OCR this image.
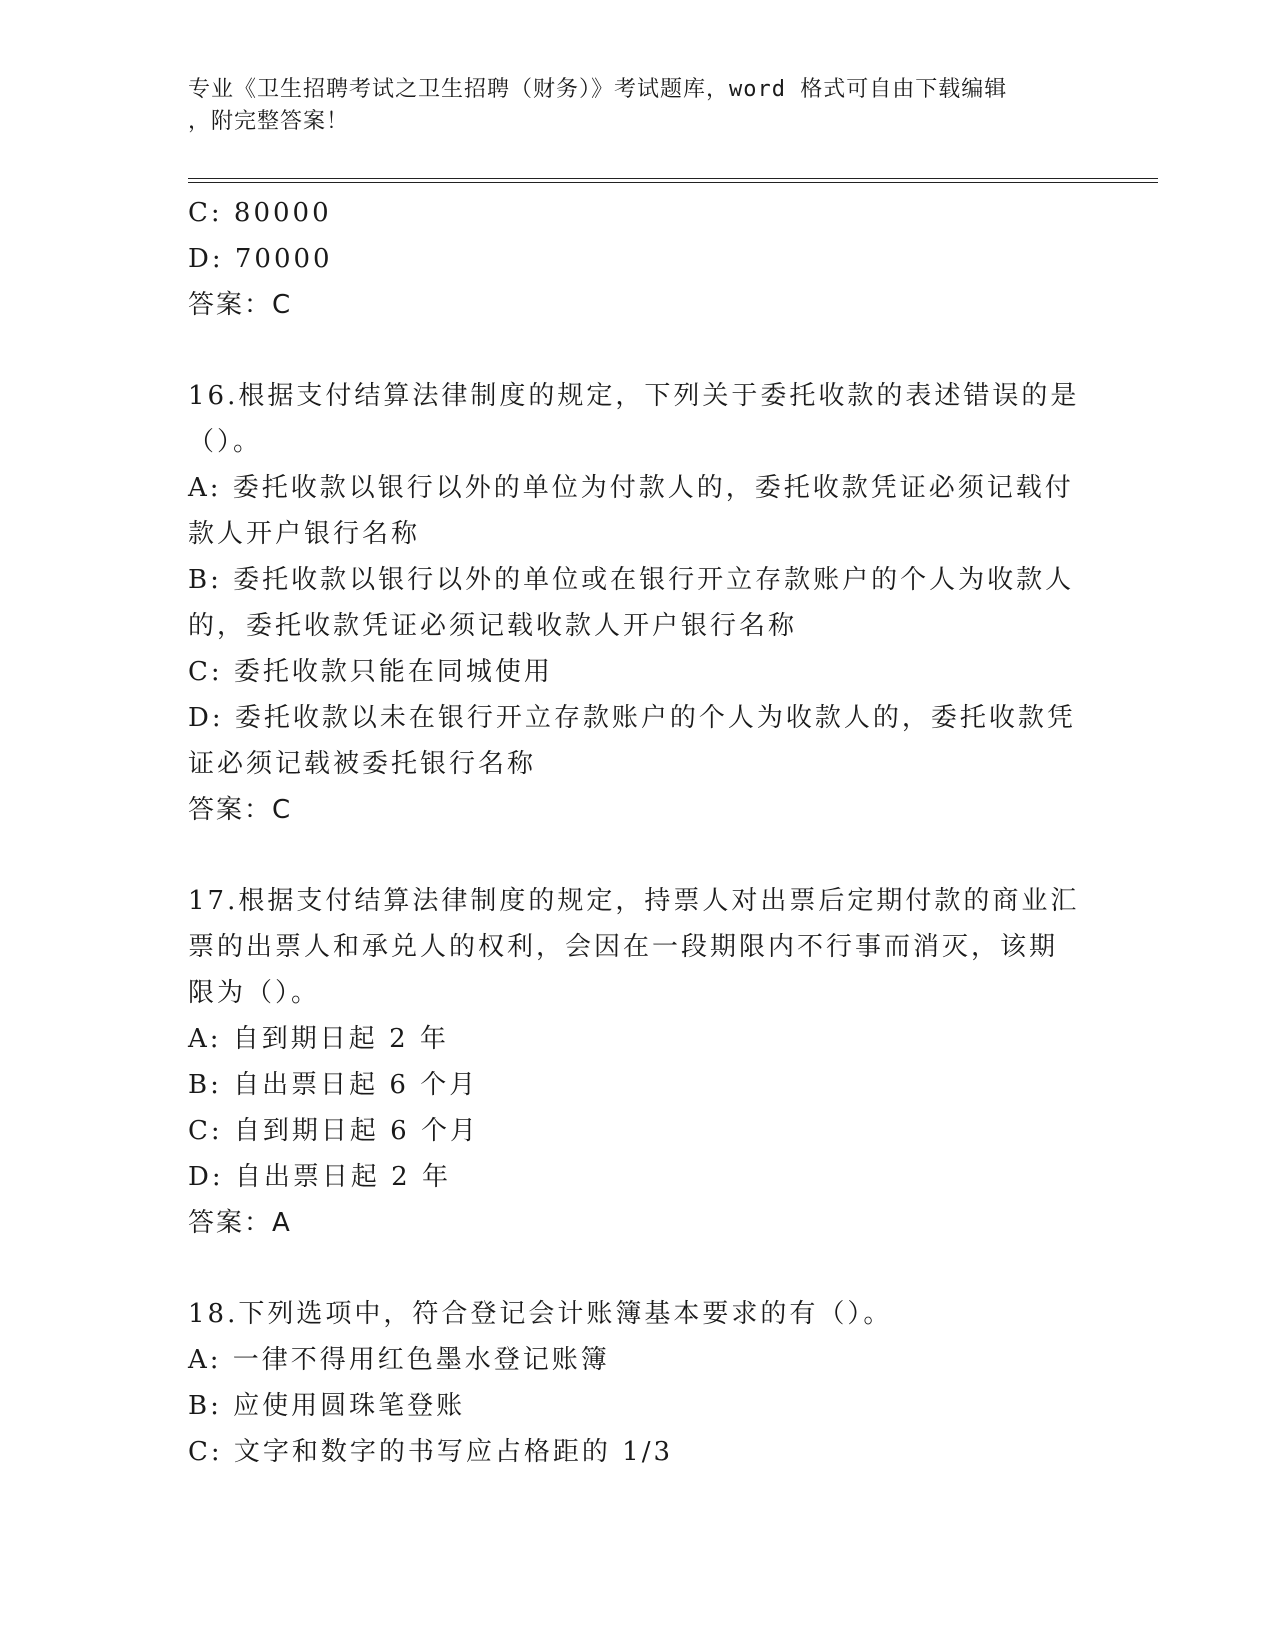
专业《卫生招聘考试之卫生招聘（财务）》考试题库，word 格式可自由下载编辑
，附完整答案！
C: 80000
D: 70000
答案：C
16.根据支付结算法律制度的规定，下列关于委托收款的表述错误的是
（）。
A: 委托收款以银行以外的单位为付款人的，委托收款凭证必须记载付
款人开户银行名称
B: 委托收款以银行以外的单位或在银行开立存款账户的个人为收款人
的，委托收款凭证必须记载收款人开户银行名称
C: 委托收款只能在同城使用
D: 委托收款以未在银行开立存款账户的个人为收款人的，委托收款凭
证必须记载被委托银行名称
答案：C
17.根据支付结算法律制度的规定，持票人对出票后定期付款的商业汇
票的出票人和承兑人的权利，会因在一段期限内不行事而消灭，该期
限为（）。
A: 自到期日起 2 年
B: 自出票日起 6 个月
C: 自到期日起 6 个月
D: 自出票日起 2 年
答案：A
18.下列选项中，符合登记会计账簿基本要求的有（）。
A: 一律不得用红色墨水登记账簿
B: 应使用圆珠笔登账
C: 文字和数字的书写应占格距的 1/3
